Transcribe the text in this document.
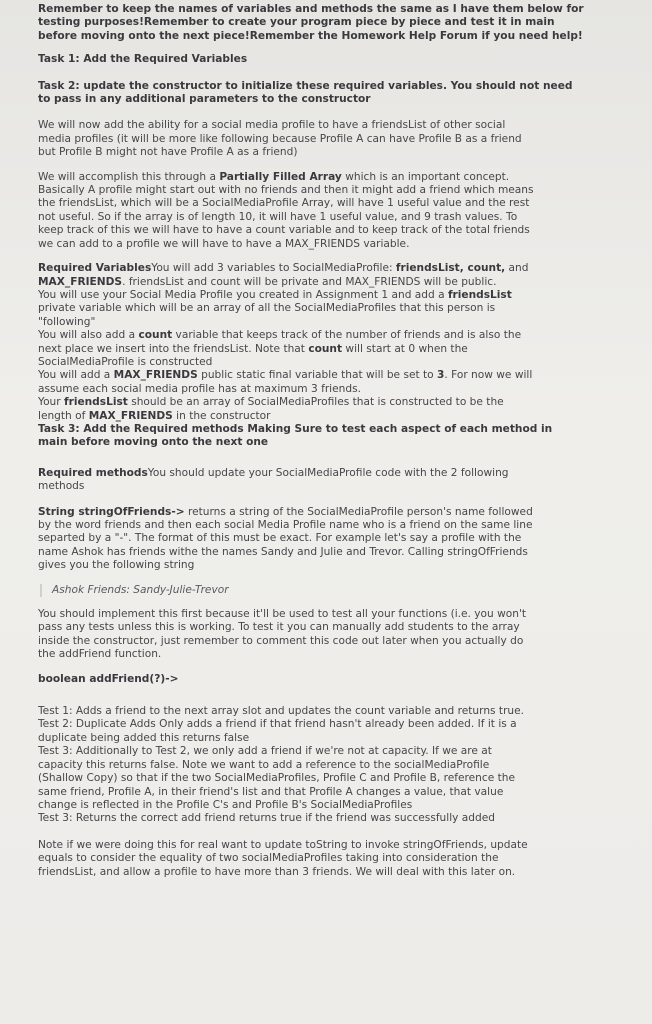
Remember to keep the names of variables and methods the same as I have them below for
testing purposes!Remember to create your program piece by piece and test it in main
before moving onto the next piece!Remember the Homework Help Forum if you need help!
Task 1: Add the Required Variables
Task 2: update the constructor to initialize these required variables. You should not need
to pass in any additional parameters to the constructor
We will now add the ability for a social media profile to have a friendsList of other social
media profiles (it will be more like following because Profile A can have Profile B as a friend
but Profile B might not have Profile A as a friend)
We will accomplish this through a Partially Filled Array which is an important concept.
Basically A profile might start out with no friends and then it might add a friend which means
the friendsList, which will be a SocialMediaProfile Array, will have 1 useful value and the rest
not useful. So if the array is of length 10, it will have 1 useful value, and 9 trash values. To
keep track of this we will have to have a count variable and to keep track of the total friends
we can add to a profile we will have to have a MAX_FRIENDS variable.
Required VariablesYou will add 3 variables to SocialMediaProfile: friendsList, count, and
MAX_FRIENDS. friendsList and count will be private and MAX_FRIENDS will be public.
You will use your Social Media Profile you created in Assignment 1 and add a friendsList
private variable which will be an array of all the SocialMediaProfiles that this person is
"following"
You will also add a count variable that keeps track of the number of friends and is also the
next place we insert into the friendsList. Note that count will start at 0 when the
SocialMediaProfile is constructed
You will add a MAX_FRIENDS public static final variable that will be set to 3. For now we will
assume each social media profile has at maximum 3 friends.
Your friendsList should be an array of SocialMediaProfiles that is constructed to be the
length of MAX_FRIENDS in the constructor
Task 3: Add the Required methods Making Sure to test each aspect of each method in
main before moving onto the next one
Required methodsYou should update your SocialMediaProfile code with the 2 following
methods
String stringOfFriends-> returns a string of the SocialMediaProfile person's name followed
by the word friends and then each social Media Profile name who is a friend on the same line
separted by a "-". The format of this must be exact. For example let's say a profile with the
name Ashok has friends withe the names Sandy and Julie and Trevor. Calling stringOfFriends
gives you the following string
Ashok Friends: Sandy-Julie-Trevor
You should implement this first because it'll be used to test all your functions (i.e. you won't
pass any tests unless this is working. To test it you can manually add students to the array
inside the constructor, just remember to comment this code out later when you actually do
the addFriend function.
boolean addFriend(?)->
Test 1: Adds a friend to the next array slot and updates the count variable and returns true.
Test 2: Duplicate Adds Only adds a friend if that friend hasn't already been added. If it is a
duplicate being added this returns false
Test 3: Additionally to Test 2, we only add a friend if we're not at capacity. If we are at
capacity this returns false. Note we want to add a reference to the socialMediaProfile
(Shallow Copy) so that if the two SocialMediaProfiles, Profile C and Profile B, reference the
same friend, Profile A, in their friend's list and that Profile A changes a value, that value
change is reflected in the Profile C's and Profile B's SocialMediaProfiles
Test 3: Returns the correct add friend returns true if the friend was successfully added
Note if we were doing this for real want to update toString to invoke stringOfFriends, update
equals to consider the equality of two socialMediaProfiles taking into consideration the
friendsList, and allow a profile to have more than 3 friends. We will deal with this later on.
